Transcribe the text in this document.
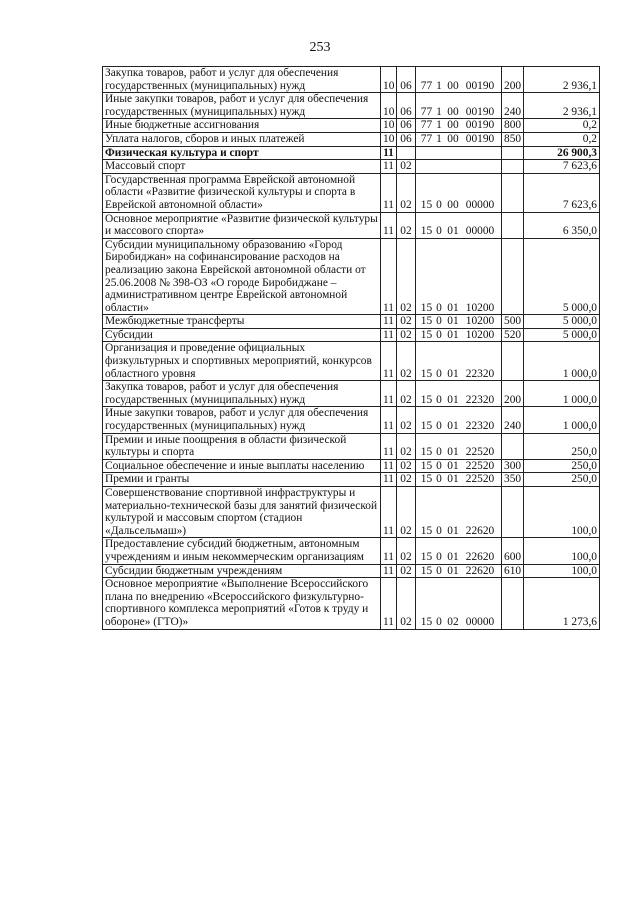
253
Закупка товаров, работ и услуг для обеспечения государственных (муниципальных) нужд	10	06	77 1 00 00190	200	2 936,1
Иные закупки товаров, работ и услуг для обеспечения государственных (муниципальных) нужд	10	06	77 1 00 00190	240	2 936,1
Иные бюджетные ассигнования	10	06	77 1 00 00190	800	0,2
Уплата налогов, сборов и иных платежей	10	06	77 1 00 00190	850	0,2
Физическая культура и спорт	11				26 900,3
Массовый спорт	11	02			7 623,6
Государственная программа Еврейской автономной области «Развитие физической культуры и спорта в Еврейской автономной области»	11	02	15 0 00 00000		7 623,6
Основное мероприятие «Развитие физической культуры и массового спорта»	11	02	15 0 01 00000		6 350,0
Субсидии муниципальному образованию «Город Биробиджан» на софинансирование расходов на реализацию закона Еврейской автономной области от 25.06.2008 № 398-ОЗ «О городе Биробиджане – административном центре Еврейской автономной области»	11	02	15 0 01 10200		5 000,0
Межбюджетные трансферты	11	02	15 0 01 10200	500	5 000,0
Субсидии	11	02	15 0 01 10200	520	5 000,0
Организация и проведение официальных физкультурных и спортивных мероприятий, конкурсов областного уровня	11	02	15 0 01 22320		1 000,0
Закупка товаров, работ и услуг для обеспечения государственных (муниципальных) нужд	11	02	15 0 01 22320	200	1 000,0
Иные закупки товаров, работ и услуг для обеспечения государственных (муниципальных) нужд	11	02	15 0 01 22320	240	1 000,0
Премии и иные поощрения в области физической культуры и спорта	11	02	15 0 01 22520		250,0
Социальное обеспечение и иные выплаты населению	11	02	15 0 01 22520	300	250,0
Премии и гранты	11	02	15 0 01 22520	350	250,0
Совершенствование спортивной инфраструктуры и материально-технической базы для занятий физической культурой и массовым спортом (стадион «Дальсельмаш»)	11	02	15 0 01 22620		100,0
Предоставление субсидий бюджетным, автономным учреждениям и иным некоммерческим организациям	11	02	15 0 01 22620	600	100,0
Субсидии бюджетным учреждениям	11	02	15 0 01 22620	610	100,0
Основное мероприятие «Выполнение Всероссийского плана по внедрению «Всероссийского физкультурно-спортивного комплекса мероприятий «Готов к труду и обороне» (ГТО)»	11	02	15 0 02 00000		1 273,6
